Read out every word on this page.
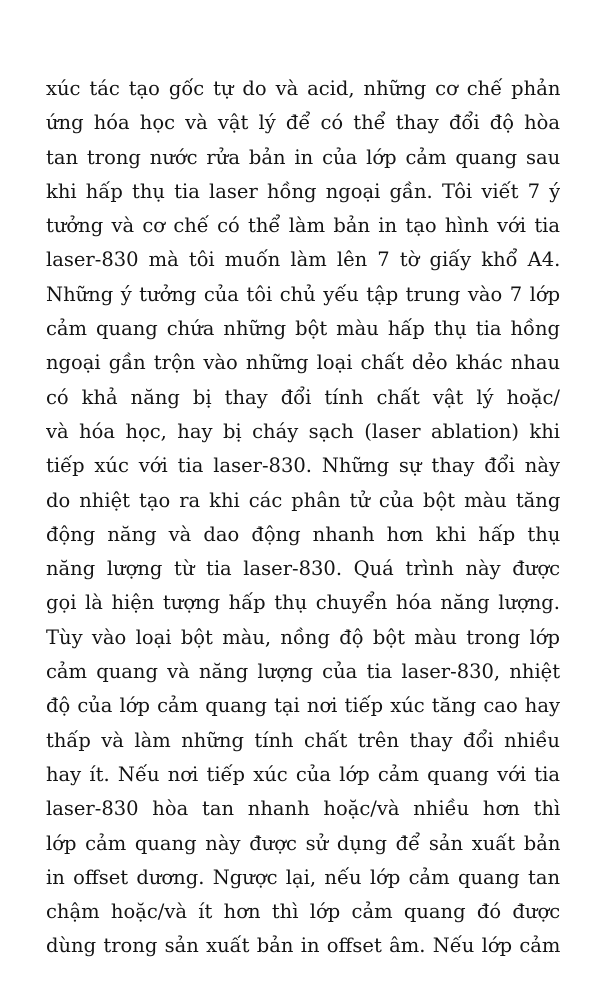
xúc tác tạo gốc tự do và acid, những cơ chế phản
ứng hóa học và vật lý để có thể thay đổi độ hòa
tan trong nước rửa bản in của lớp cảm quang sau
khi hấp thụ tia laser hồng ngoại gần. Tôi viết 7 ý
tưởng và cơ chế có thể làm bản in tạo hình với tia
laser-830 mà tôi muốn làm lên 7 tờ giấy khổ A4.
Những ý tưởng của tôi chủ yếu tập trung vào 7 lớp
cảm quang chứa những bột màu hấp thụ tia hồng
ngoại gần trộn vào những loại chất dẻo khác nhau
có khả năng bị thay đổi tính chất vật lý hoặc/
và hóa học, hay bị cháy sạch (laser ablation) khi
tiếp xúc với tia laser-830. Những sự thay đổi này
do nhiệt tạo ra khi các phân tử của bột màu tăng
động năng và dao động nhanh hơn khi hấp thụ
năng lượng từ tia laser-830. Quá trình này được
gọi là hiện tượng hấp thụ chuyển hóa năng lượng.
Tùy vào loại bột màu, nồng độ bột màu trong lớp
cảm quang và năng lượng của tia laser-830, nhiệt
độ của lớp cảm quang tại nơi tiếp xúc tăng cao hay
thấp và làm những tính chất trên thay đổi nhiều
hay ít. Nếu nơi tiếp xúc của lớp cảm quang với tia
laser-830 hòa tan nhanh hoặc/và nhiều hơn thì
lớp cảm quang này được sử dụng để sản xuất bản
in offset dương. Ngược lại, nếu lớp cảm quang tan
chậm hoặc/và ít hơn thì lớp cảm quang đó được
dùng trong sản xuất bản in offset âm. Nếu lớp cảm
